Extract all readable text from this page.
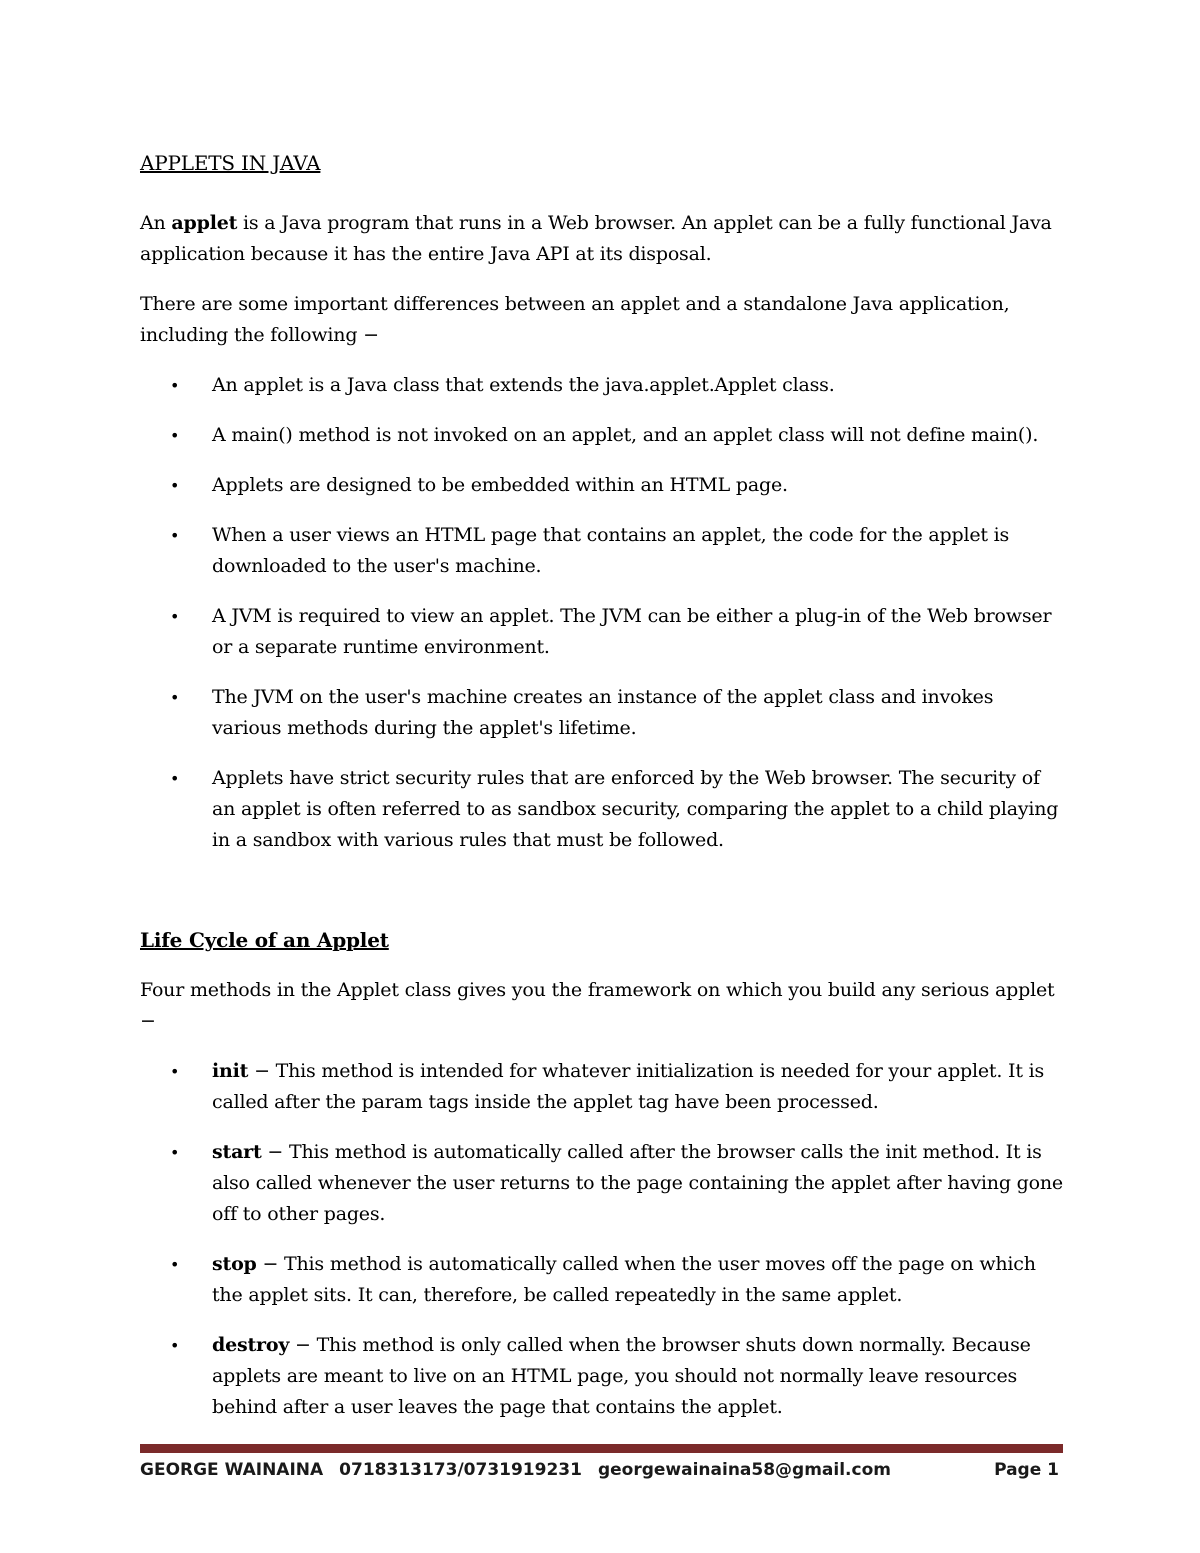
APPLETS IN JAVA
An applet is a Java program that runs in a Web browser. An applet can be a fully functional Java application because it has the entire Java API at its disposal.
There are some important differences between an applet and a standalone Java application, including the following −
• An applet is a Java class that extends the java.applet.Applet class.
• A main() method is not invoked on an applet, and an applet class will not define main().
• Applets are designed to be embedded within an HTML page.
• When a user views an HTML page that contains an applet, the code for the applet is downloaded to the user's machine.
• A JVM is required to view an applet. The JVM can be either a plug-in of the Web browser or a separate runtime environment.
• The JVM on the user's machine creates an instance of the applet class and invokes various methods during the applet's lifetime.
• Applets have strict security rules that are enforced by the Web browser. The security of an applet is often referred to as sandbox security, comparing the applet to a child playing in a sandbox with various rules that must be followed.
Life Cycle of an Applet
Four methods in the Applet class gives you the framework on which you build any serious applet −
• init − This method is intended for whatever initialization is needed for your applet. It is called after the param tags inside the applet tag have been processed.
• start − This method is automatically called after the browser calls the init method. It is also called whenever the user returns to the page containing the applet after having gone off to other pages.
• stop − This method is automatically called when the user moves off the page on which the applet sits. It can, therefore, be called repeatedly in the same applet.
• destroy − This method is only called when the browser shuts down normally. Because applets are meant to live on an HTML page, you should not normally leave resources behind after a user leaves the page that contains the applet.
GEORGE WAINAINA 0718313173/0731919231 georgewainaina58@gmail.com	Page 1
